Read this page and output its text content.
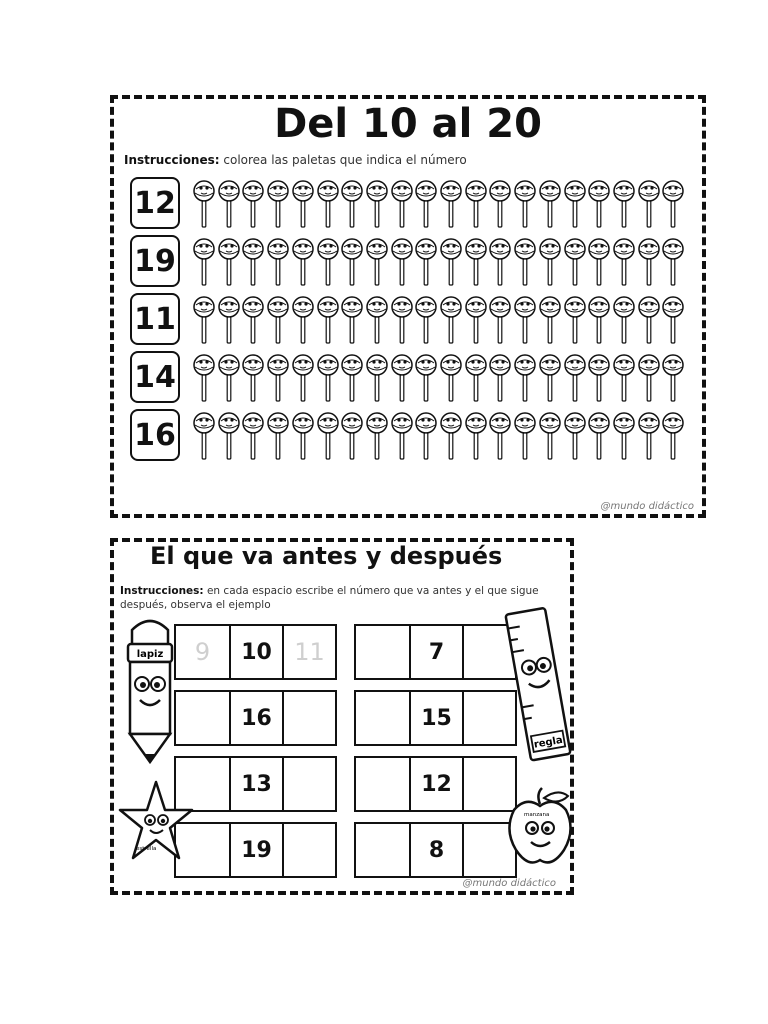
Del 10 al 20
Instrucciones: colorea las paletas que indica el número
12
19
11
14
16
@mundo didáctico
El que va antes y después
Instrucciones: en cada espacio escribe el número que va antes y el que sigue después, observa el ejemplo
9	10 11
16
13
19
7
15
12
8
lapiz
estrella
regla
manzana
@mundo didáctico
